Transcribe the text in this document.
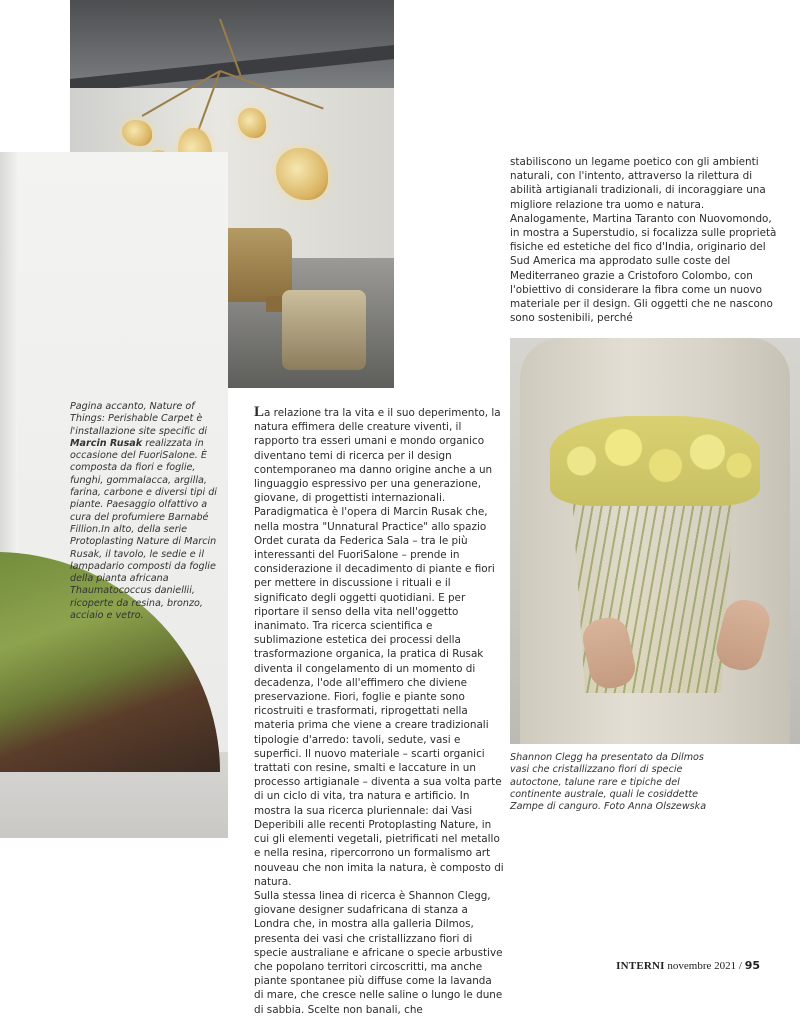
Pagina accanto, Nature of Things: Perishable Carpet è l'installazione site specific di Marcin Rusak realizzata in occasione del FuoriSalone. È composta da fiori e foglie, funghi, gommalacca, argilla, farina, carbone e diversi tipi di piante. Paesaggio olfattivo a cura del profumiere Barnabé Fillion.In alto, della serie Protoplasting Nature di Marcin Rusak, il tavolo, le sedie e il lampadario composti da foglie della pianta africana Thaumatococcus daniellii, ricoperte da resina, bronzo, acciaio e vetro.

Shannon Clegg ha presentato da Dilmos vasi che cristallizzano fiori di specie autoctone, talune rare e tipiche del continente australe, quali le cosiddette Zampe di canguro. Foto Anna Olszewska

La relazione tra la vita e il suo deperimento, la natura effimera delle creature viventi, il rapporto tra esseri umani e mondo organico diventano temi di ricerca per il design contemporaneo ma danno origine anche a un linguaggio espressivo per una generazione, giovane, di progettisti internazionali. Paradigmatica è l'opera di Marcin Rusak che, nella mostra "Unnatural Practice" allo spazio Ordet curata da Federica Sala – tra le più interessanti del FuoriSalone – prende in considerazione il decadimento di piante e fiori per mettere in discussione i rituali e il significato degli oggetti quotidiani. E per riportare il senso della vita nell'oggetto inanimato. Tra ricerca scientifica e sublimazione estetica dei processi della trasformazione organica, la pratica di Rusak diventa il congelamento di un momento di decadenza, l'ode all'effimero che diviene preservazione. Fiori, foglie e piante sono ricostruiti e trasformati, riprogettati nella materia prima che viene a creare tradizionali tipologie d'arredo: tavoli, sedute, vasi e superfici. Il nuovo materiale – scarti organici trattati con resine, smalti e laccature in un processo artigianale – diventa a sua volta parte di un ciclo di vita, tra natura e artificio. In mostra la sua ricerca pluriennale: dai Vasi Deperibili alle recenti Protoplasting Nature, in cui gli elementi vegetali, pietrificati nel metallo e nella resina, ripercorrono un formalismo art nouveau che non imita la natura, è composto di natura.
Sulla stessa linea di ricerca è Shannon Clegg, giovane designer sudafricana di stanza a Londra che, in mostra alla galleria Dilmos, presenta dei vasi che cristallizzano fiori di specie australiane e africane o specie arbustive che popolano territori circoscritti, ma anche piante spontanee più diffuse come la lavanda di mare, che cresce nelle saline o lungo le dune di sabbia. Scelte non banali, che
stabiliscono un legame poetico con gli ambienti naturali, con l'intento, attraverso la rilettura di abilità artigianali tradizionali, di incoraggiare una migliore relazione tra uomo e natura.
Analogamente, Martina Taranto con Nuovomondo, in mostra a Superstudio, si focalizza sulle proprietà fisiche ed estetiche del fico d'India, originario del Sud America ma approdato sulle coste del Mediterraneo grazie a Cristoforo Colombo, con l'obiettivo di considerare la fibra come un nuovo materiale per il design. Gli oggetti che ne nascono sono sostenibili, perché
INTERNI novembre 2021 / 95
